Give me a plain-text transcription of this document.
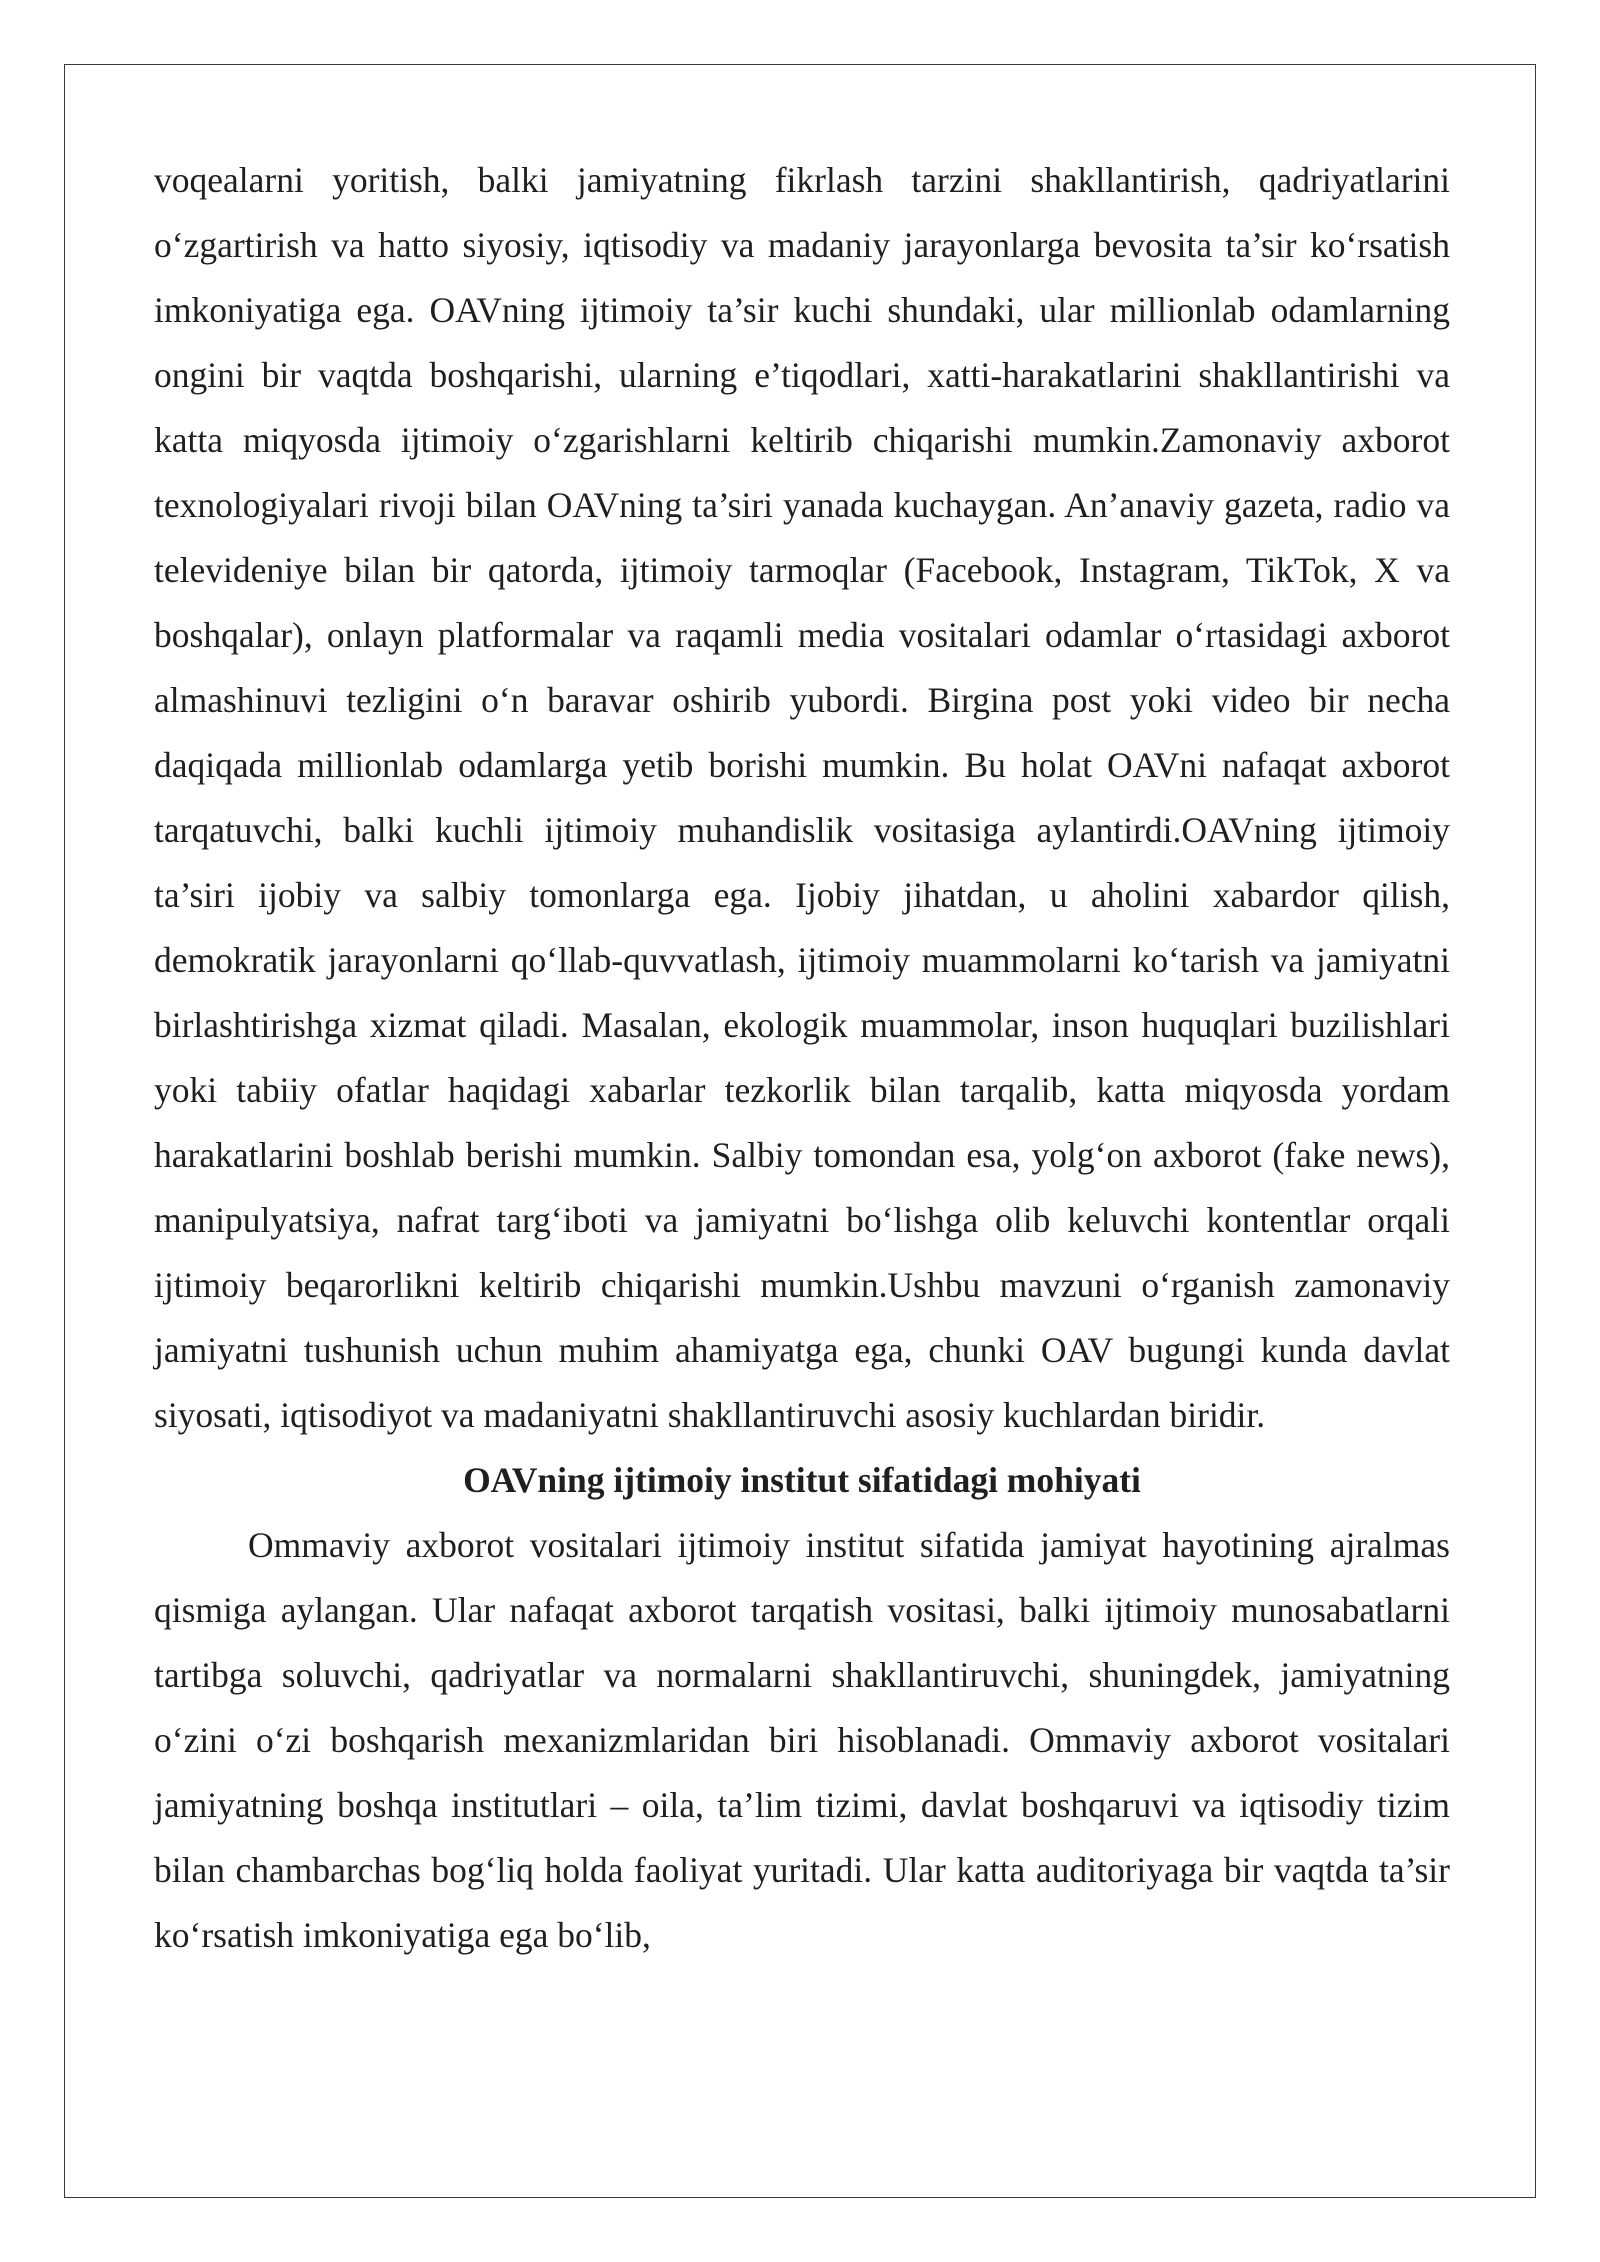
voqealarni yoritish, balki jamiyatning fikrlash tarzini shakllantirish, qadriyatlarini o‘zgartirish va hatto siyosiy, iqtisodiy va madaniy jarayonlarga bevosita ta’sir ko‘rsatish imkoniyatiga ega. OAVning ijtimoiy ta’sir kuchi shundaki, ular millionlab odamlarning ongini bir vaqtda boshqarishi, ularning e’tiqodlari, xatti-harakatlarini shakllantirishi va katta miqyosda ijtimoiy o‘zgarishlarni keltirib chiqarishi mumkin.Zamonaviy axborot texnologiyalari rivoji bilan OAVning ta’siri yanada kuchaygan. An’anaviy gazeta, radio va televideniye bilan bir qatorda, ijtimoiy tarmoqlar (Facebook, Instagram, TikTok, X va boshqalar), onlayn platformalar va raqamli media vositalari odamlar o‘rtasidagi axborot almashinuvi tezligini o‘n baravar oshirib yubordi. Birgina post yoki video bir necha daqiqada millionlab odamlarga yetib borishi mumkin. Bu holat OAVni nafaqat axborot tarqatuvchi, balki kuchli ijtimoiy muhandislik vositasiga aylantirdi.OAVning ijtimoiy ta’siri ijobiy va salbiy tomonlarga ega. Ijobiy jihatdan, u aholini xabardor qilish, demokratik jarayonlarni qo‘llab-quvvatlash, ijtimoiy muammolarni ko‘tarish va jamiyatni birlashtirishga xizmat qiladi. Masalan, ekologik muammolar, inson huquqlari buzilishlari yoki tabiiy ofatlar haqidagi xabarlar tezkorlik bilan tarqalib, katta miqyosda yordam harakatlarini boshlab berishi mumkin. Salbiy tomondan esa, yolg‘on axborot (fake news), manipulyatsiya, nafrat targ‘iboti va jamiyatni bo‘lishga olib keluvchi kontentlar orqali ijtimoiy beqarorlikni keltirib chiqarishi mumkin.Ushbu mavzuni o‘rganish zamonaviy jamiyatni tushunish uchun muhim ahamiyatga ega, chunki OAV bugungi kunda davlat siyosati, iqtisodiyot va madaniyatni shakllantiruvchi asosiy kuchlardan biridir.

OAVning ijtimoiy institut sifatidagi mohiyati

Ommaviy axborot vositalari ijtimoiy institut sifatida jamiyat hayotining ajralmas qismiga aylangan. Ular nafaqat axborot tarqatish vositasi, balki ijtimoiy munosabatlarni tartibga soluvchi, qadriyatlar va normalarni shakllantiruvchi, shuningdek, jamiyatning o‘zini o‘zi boshqarish mexanizmlaridan biri hisoblanadi. Ommaviy axborot vositalari jamiyatning boshqa institutlari – oila, ta’lim tizimi, davlat boshqaruvi va iqtisodiy tizim bilan chambarchas bog‘liq holda faoliyat yuritadi. Ular katta auditoriyaga bir vaqtda ta’sir ko‘rsatish imkoniyatiga ega bo‘lib,
